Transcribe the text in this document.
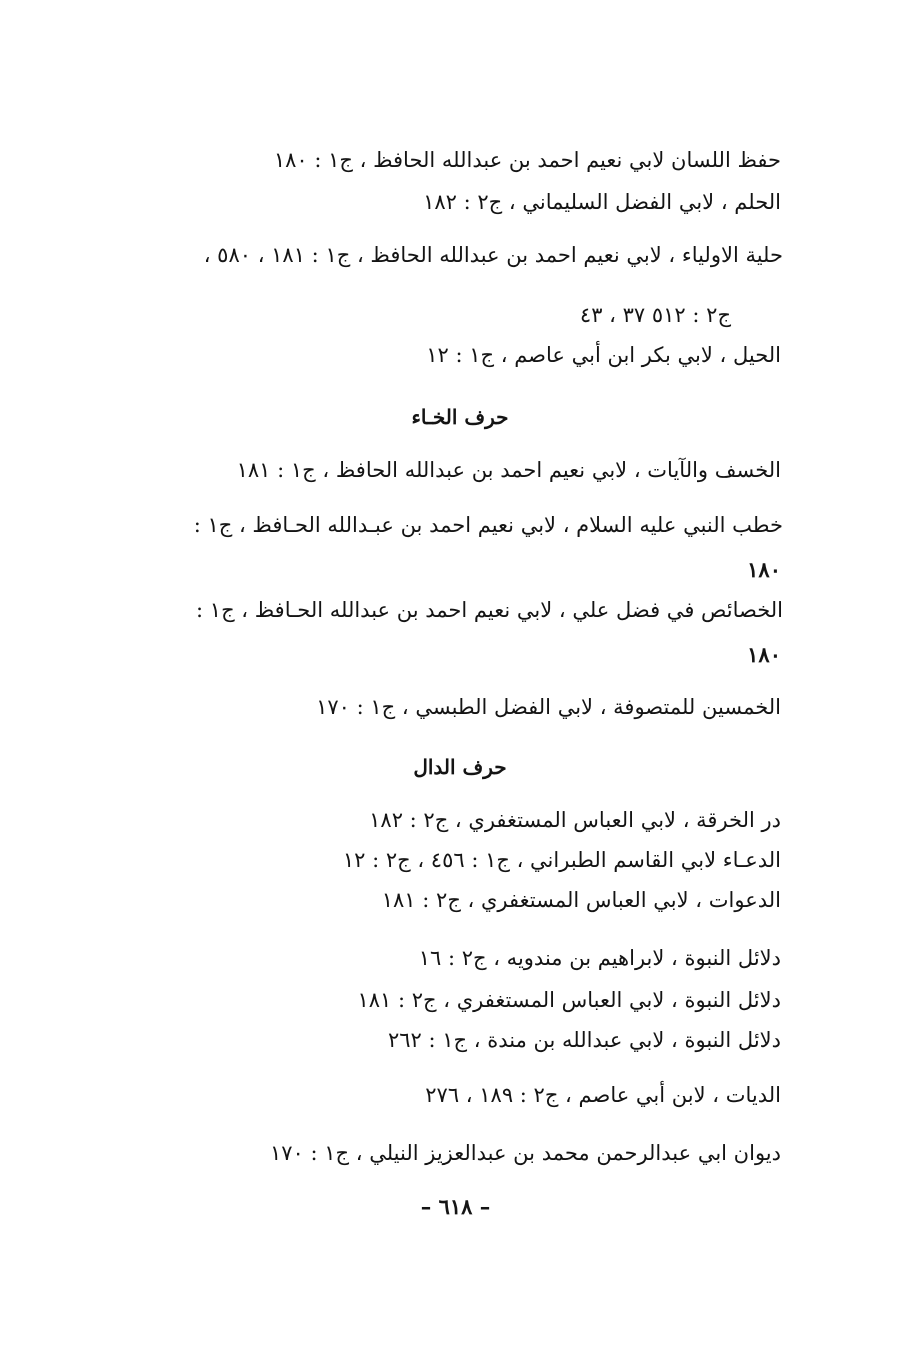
حفظ اللسان لابي نعيم احمد بن عبدالله الحافظ ، ج١ : ١٨٠
الحلم ، لابي الفضل السليماني ، ج٢ : ١٨٢
حلية الاولياء ، لابي نعيم احمد بن عبدالله الحافظ ، ج١ : ١٨١ ، ٥٨٠ ،
ج٢ : ٥١٢ ٣٧ ، ٤٣
الحيل ، لابي بكر ابن أبي عاصم ، ج١ : ١٢
حرف الخـاء
الخسف والآيات ، لابي نعيم احمد بن عبدالله الحافظ ، ج١ : ١٨١
خطب النبي عليه السلام ، لابي نعيم احمد بن عبـدالله الحـافظ ، ج١ :
١٨٠
الخصائص في فضل علي ، لابي نعيم احمد بن عبدالله الحـافظ ، ج١ :
١٨٠
الخمسين للمتصوفة ، لابي الفضل الطبسي ، ج١ : ١٧٠
حرف الدال
در الخرقة ، لابي العباس المستغفري ، ج٢ : ١٨٢
الدعـاء لابي القاسم الطبراني ، ج١ : ٤٥٦ ، ج٢ : ١٢
الدعوات ، لابي العباس المستغفري ، ج٢ : ١٨١
دلائل النبوة ، لابراهيم بن مندويه ، ج٢ : ١٦
دلائل النبوة ، لابي العباس المستغفري ، ج٢ : ١٨١
دلائل النبوة ، لابي عبدالله بن مندة ، ج١ : ٢٦٢
الديات ، لابن أبي عاصم ، ج٢ : ١٨٩ ، ٢٧٦
ديوان ابي عبدالرحمن محمد بن عبدالعزيز النيلي ، ج١ : ١٧٠
– ٦١٨ –
